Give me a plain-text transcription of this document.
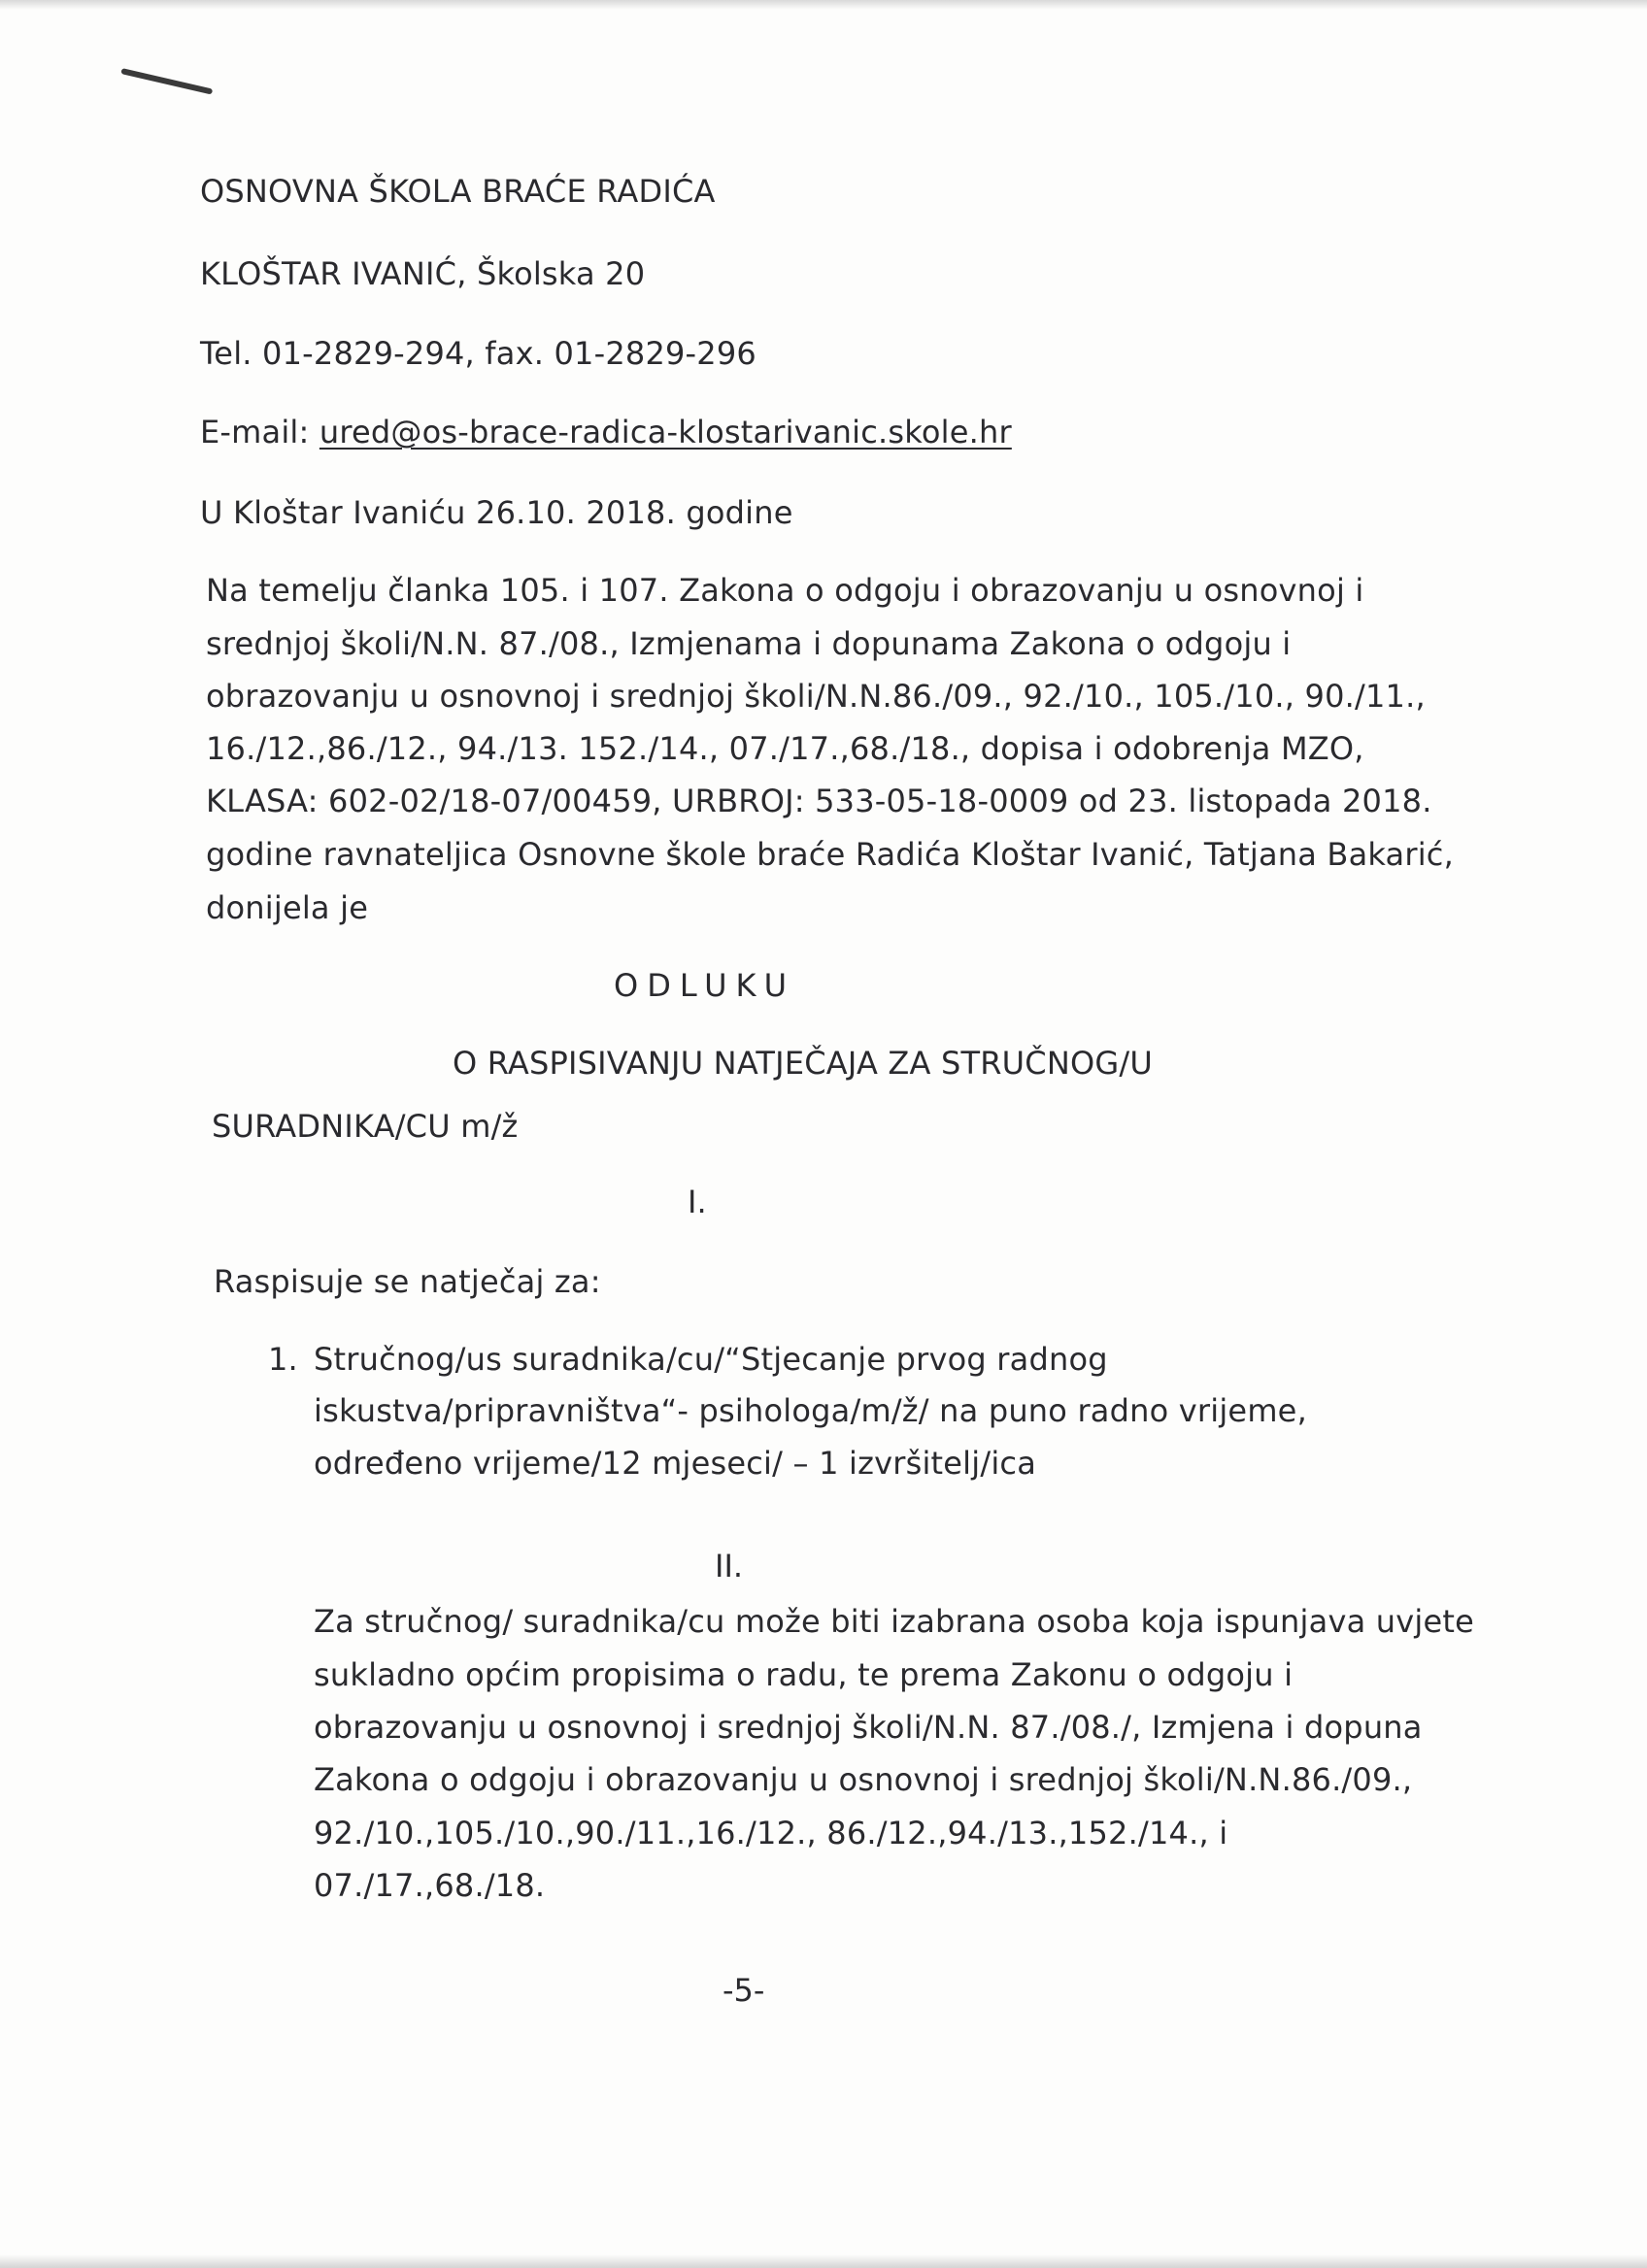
OSNOVNA ŠKOLA BRAĆE RADIĆA
KLOŠTAR IVANIĆ, Školska 20
Tel. 01-2829-294, fax. 01-2829-296
E-mail: ured@os-brace-radica-klostarivanic.skole.hr
U Kloštar Ivaniću 26.10. 2018. godine
Na temelju članka 105. i 107. Zakona o odgoju i obrazovanju u osnovnoj i
srednjoj školi/N.N. 87./08., Izmjenama i dopunama Zakona o odgoju i
obrazovanju u osnovnoj i srednjoj školi/N.N.86./09., 92./10., 105./10., 90./11.,
16./12.,86./12., 94./13. 152./14., 07./17.,68./18., dopisa i odobrenja MZO,
KLASA: 602-02/18-07/00459, URBROJ: 533-05-18-0009 od 23. listopada 2018.
godine ravnateljica Osnovne škole braće Radića Kloštar Ivanić, Tatjana Bakarić,
donijela je
ODLUKU
O RASPISIVANJU NATJEČAJA ZA STRUČNOG/U
SURADNIKA/CU m/ž
I.
Raspisuje se natječaj za:
1. Stručnog/us suradnika/cu/“Stjecanje prvog radnog
iskustva/pripravništva“- psihologa/m/ž/ na puno radno vrijeme,
određeno vrijeme/12 mjeseci/ – 1 izvršitelj/ica
II.
Za stručnog/ suradnika/cu može biti izabrana osoba koja ispunjava uvjete
sukladno općim propisima o radu, te prema Zakonu o odgoju i
obrazovanju u osnovnoj i srednjoj školi/N.N. 87./08./, Izmjena i dopuna
Zakona o odgoju i obrazovanju u osnovnoj i srednjoj školi/N.N.86./09.,
92./10.,105./10.,90./11.,16./12., 86./12.,94./13.,152./14., i
07./17.,68./18.
-5-
